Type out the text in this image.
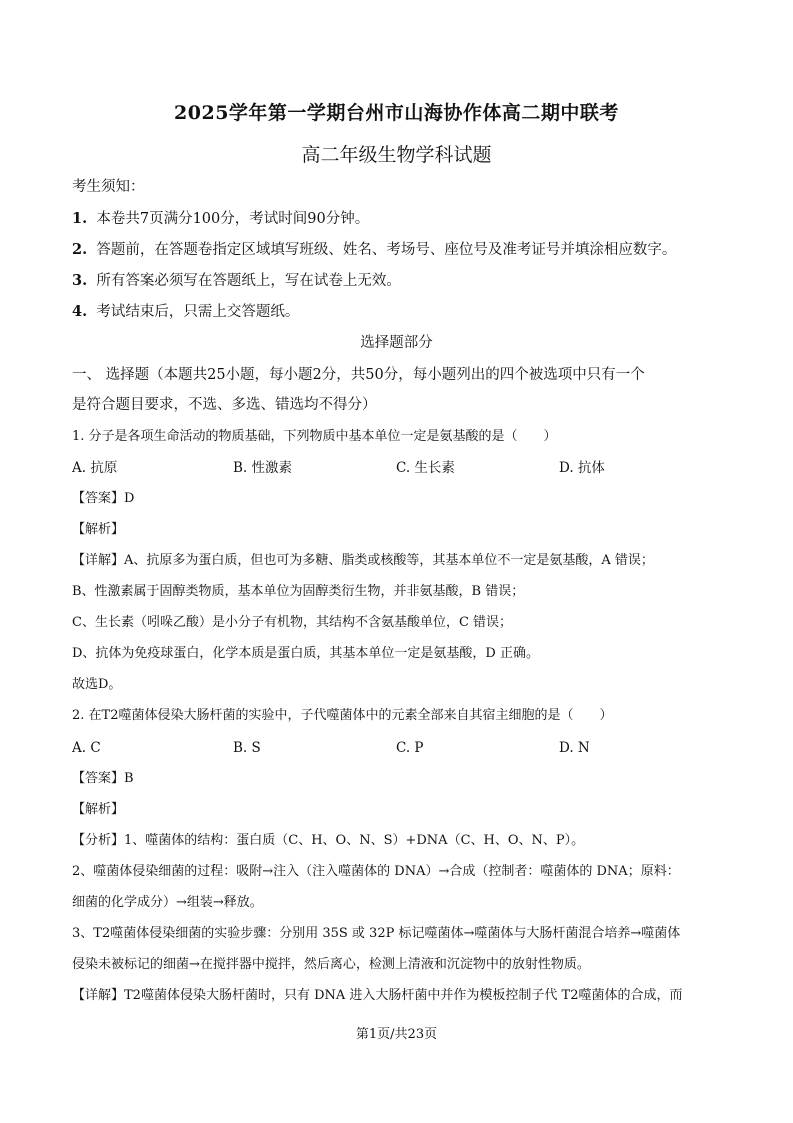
2025学年第一学期台州市山海协作体高二期中联考
高二年级生物学科试题
考生须知：
1. 本卷共7页满分100分，考试时间90分钟。
2. 答题前，在答题卷指定区域填写班级、姓名、考场号、座位号及准考证号并填涂相应数字。
3. 所有答案必须写在答题纸上，写在试卷上无效。
4. 考试结束后，只需上交答题纸。
选择题部分
一、 选择题（本题共25小题，每小题2分，共50分，每小题列出的四个被选项中只有一个
是符合题目要求，不选、多选、错选均不得分）
1. 分子是各项生命活动的物质基础，下列物质中基本单位一定是氨基酸的是（　　）
A. 抗原	B. 性激素	C. 生长素	D. 抗体
【答案】D
【解析】
【详解】A、抗原多为蛋白质，但也可为多糖、脂类或核酸等，其基本单位不一定是氨基酸，A 错误；
B、性激素属于固醇类物质，基本单位为固醇类衍生物，并非氨基酸，B 错误；
C、生长素（吲哚乙酸）是小分子有机物，其结构不含氨基酸单位，C 错误；
D、抗体为免疫球蛋白，化学本质是蛋白质，其基本单位一定是氨基酸，D 正确。
故选D。
2. 在T2噬菌体侵染大肠杆菌的实验中，子代噬菌体中的元素全部来自其宿主细胞的是（　　）
A. C	B. S	C. P	D. N
【答案】B
【解析】
【分析】1、噬菌体的结构：蛋白质（C、H、O、N、S）+DNA（C、H、O、N、P）。
2、噬菌体侵染细菌的过程：吸附→注入（注入噬菌体的 DNA）→合成（控制者：噬菌体的 DNA；原料：
细菌的化学成分）→组装→释放。
3、T2噬菌体侵染细菌的实验步骤：分别用 35S 或 32P 标记噬菌体→噬菌体与大肠杆菌混合培养→噬菌体
侵染未被标记的细菌→在搅拌器中搅拌，然后离心，检测上清液和沉淀物中的放射性物质。
【详解】T2噬菌体侵染大肠杆菌时，只有 DNA 进入大肠杆菌中并作为模板控制子代 T2噬菌体的合成，而
第1页/共23页
